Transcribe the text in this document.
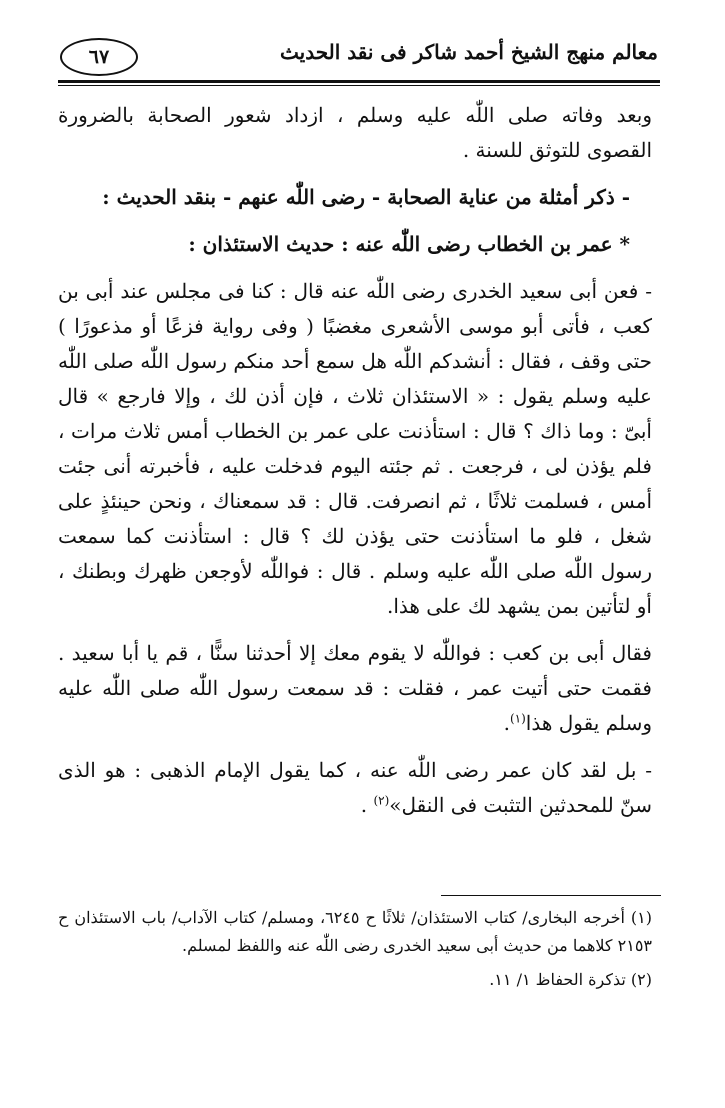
معالم منهج الشيخ أحمد شاكر فى نقد الحديث
٦٧

وبعد وفاته صلى اللّٰه عليه وسلم ، ازداد شعور الصحابة بالضرورة القصوى للتوثق للسنة .

- ذكر أمثلة من عناية الصحابة - رضى اللّٰه عنهم - بنقد الحديث :

* عمر بن الخطاب رضى اللّٰه عنه : حديث الاستئذان :

- فعن أبى سعيد الخدرى رضى اللّٰه عنه قال : كنا فى مجلس عند أبى بن كعب ، فأتى أبو موسى الأشعرى مغضبًا ( وفى رواية فزعًا أو مذعورًا ) حتى وقف ، فقال : أنشدكم اللّٰه هل سمع أحد منكم رسول اللّٰه صلى اللّٰه عليه وسلم يقول : « الاستئذان ثلاث ، فإن أذن لك ، وإلا فارجع » قال أبىّ : وما ذاك ؟ قال : استأذنت على عمر بن الخطاب أمس ثلاث مرات ، فلم يؤذن لى ، فرجعت . ثم جئته اليوم فدخلت عليه ، فأخبرته أنى جئت أمس ، فسلمت ثلاثًا ، ثم انصرفت. قال : قد سمعناك ، ونحن حينئذٍ على شغل ، فلو ما استأذنت حتى يؤذن لك ؟ قال : استأذنت كما سمعت رسول اللّٰه صلى اللّٰه عليه وسلم . قال : فواللّٰه لأوجعن ظهرك وبطنك ، أو لتأتين بمن يشهد لك على هذا.

فقال أبى بن كعب : فواللّٰه لا يقوم معك إلا أحدثنا سنًّا ، قم يا أبا سعيد . فقمت حتى أتيت عمر ، فقلت : قد سمعت رسول اللّٰه صلى اللّٰه عليه وسلم يقول هذا$^{(١)}$.

- بل لقد كان عمر رضى اللّٰه عنه ، كما يقول الإمام الذهبى : هو الذى سنّ للمحدثين التثبت فى النقل»$^{(٢)}$ .

(١) أخرجه البخارى/ كتاب الاستئذان/ ثلاثًا ح ٦٢٤٥، ومسلم/ كتاب الآداب/ باب الاستئذان ح ٢١٥٣ كلاهما من حديث أبى سعيد الخدرى رضى اللّٰه عنه واللفظ لمسلم.

(٢) تذكرة الحفاظ ١/ ١١.
